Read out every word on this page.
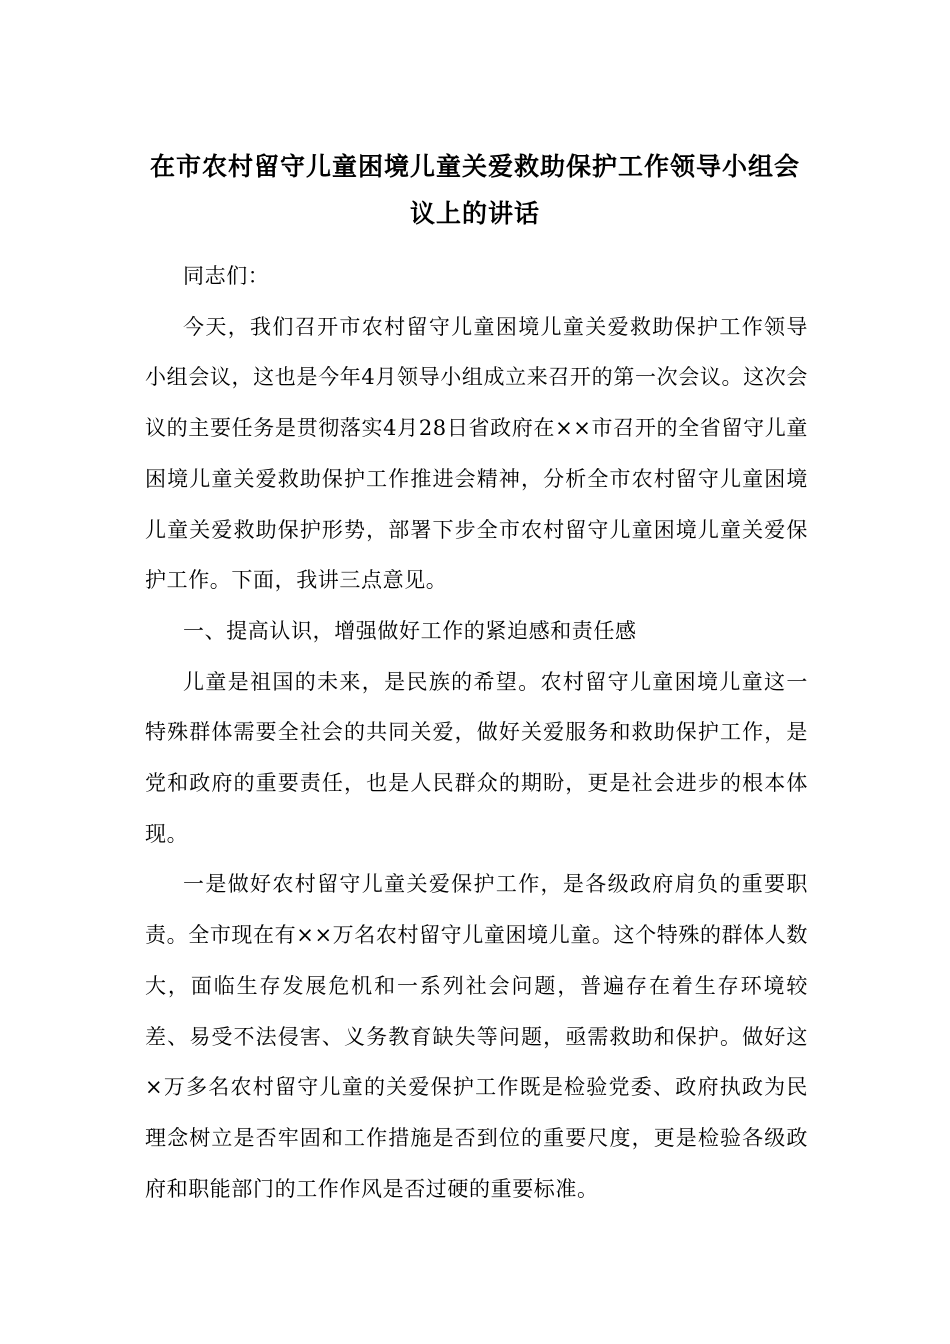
在市农村留守儿童困境儿童关爱救助保护工作领导小组会议上的讲话

同志们：

今天，我们召开市农村留守儿童困境儿童关爱救助保护工作领导小组会议，这也是今年4月领导小组成立来召开的第一次会议。这次会议的主要任务是贯彻落实4月28日省政府在××市召开的全省留守儿童困境儿童关爱救助保护工作推进会精神，分析全市农村留守儿童困境儿童关爱救助保护形势，部署下步全市农村留守儿童困境儿童关爱保护工作。下面，我讲三点意见。

一、提高认识，增强做好工作的紧迫感和责任感

儿童是祖国的未来，是民族的希望。农村留守儿童困境儿童这一特殊群体需要全社会的共同关爱，做好关爱服务和救助保护工作，是党和政府的重要责任，也是人民群众的期盼，更是社会进步的根本体现。

一是做好农村留守儿童关爱保护工作，是各级政府肩负的重要职责。全市现在有××万名农村留守儿童困境儿童。这个特殊的群体人数大，面临生存发展危机和一系列社会问题，普遍存在着生存环境较差、易受不法侵害、义务教育缺失等问题，亟需救助和保护。做好这×万多名农村留守儿童的关爱保护工作既是检验党委、政府执政为民理念树立是否牢固和工作措施是否到位的重要尺度，更是检验各级政府和职能部门的工作作风是否过硬的重要标准。
